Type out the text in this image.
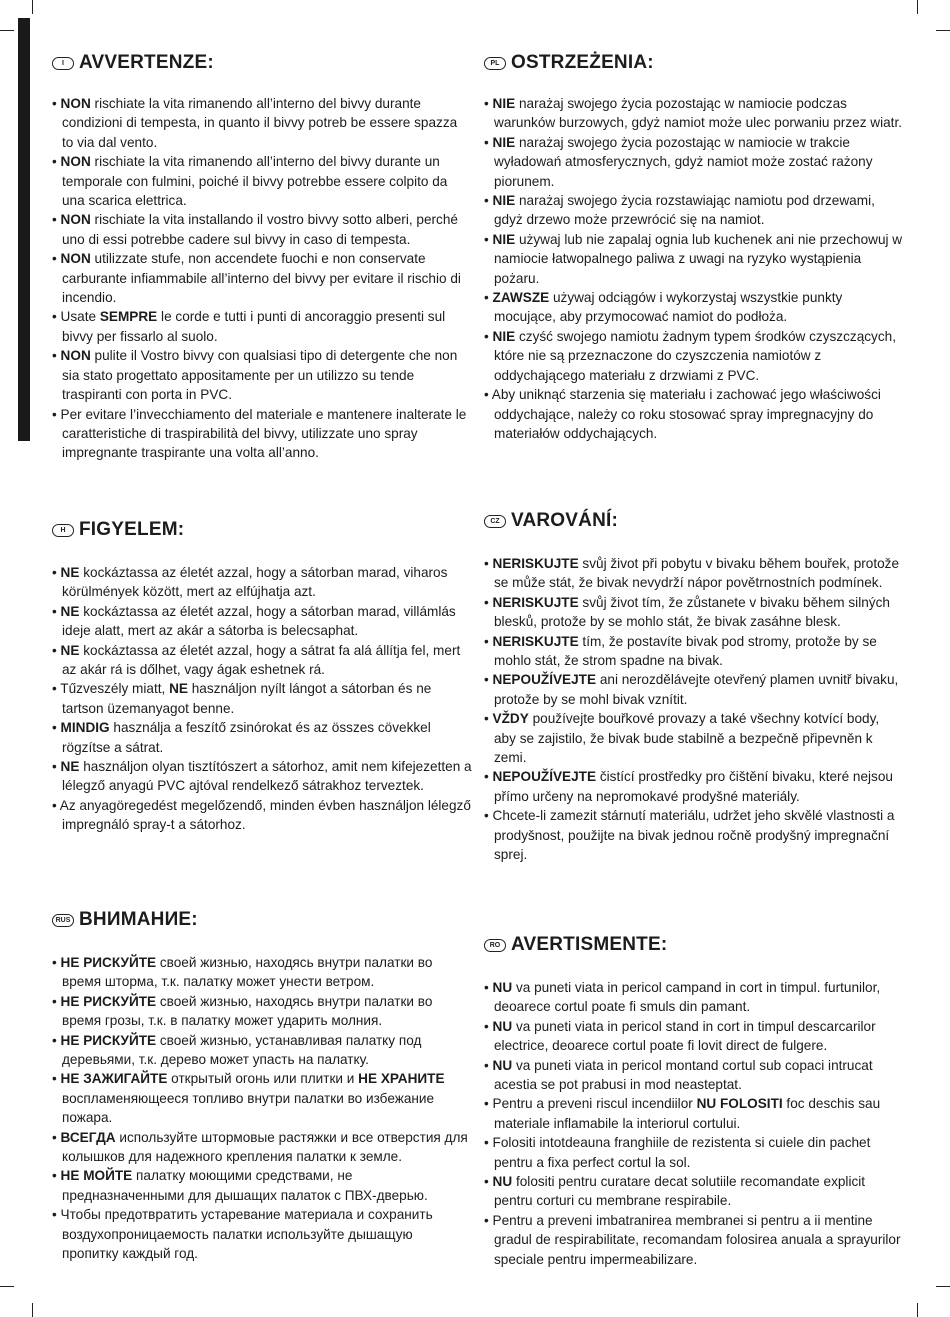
I AVVERTENZE:
• NON rischiate la vita rimanendo all’interno del bivvy durante condizioni di tempesta, in quanto il bivvy potreb be essere spazza to via dal vento.
• NON rischiate la vita rimanendo all’interno del bivvy durante un temporale con fulmini, poiché il bivvy potrebbe essere colpito da una scarica elettrica.
• NON rischiate la vita installando il vostro bivvy sotto alberi, perché uno di essi potrebbe cadere sul bivvy in caso di tempesta.
• NON utilizzate stufe, non accendete fuochi e non conservate carburante infiammabile all’interno del bivvy per evitare il rischio di incendio.
• Usate SEMPRE le corde e tutti i punti di ancoraggio presenti sul bivvy per fissarlo al suolo.
• NON pulite il Vostro bivvy con qualsiasi tipo di detergente che non sia stato progettato appositamente per un utilizzo su tende traspiranti con porta in PVC.
• Per evitare l’invecchiamento del materiale e mantenere inalterate le caratteristiche di traspirabilità del bivvy, utilizzate uno spray impregnante traspirante una volta all’anno.
PL OSTRZEŻENIA:
• NIE narażaj swojego życia pozostając w namiocie podczas warunków burzowych, gdyż namiot może ulec porwaniu przez wiatr.
• NIE narażaj swojego życia pozostając w namiocie w trakcie wyładowań atmosferycznych, gdyż namiot może zostać rażony piorunem.
• NIE narażaj swojego życia rozstawiając namiotu pod drzewami, gdyż drzewo może przewrócić się na namiot.
• NIE używaj lub nie zapalaj ognia lub kuchenek ani nie przechowuj w namiocie łatwopalnego paliwa z uwagi na ryzyko wystąpienia pożaru.
• ZAWSZE używaj odciągów i wykorzystaj wszystkie punkty mocujące, aby przymocować namiot do podłoża.
• NIE czyść swojego namiotu żadnym typem środków czyszczących, które nie są przeznaczone do czyszczenia namiotów z oddychającego materiału z drzwiami z PVC.
• Aby uniknąć starzenia się materiału i zachować jego właściwości oddychające, należy co roku stosować spray impregnacyjny do materiałów oddychających.
H FIGYELEM:
• NE kockáztassa az életét azzal, hogy a sátorban marad, viharos körülmények között, mert az elfújhatja azt.
• NE kockáztassa az életét azzal, hogy a sátorban marad, villámlás ideje alatt, mert az akár a sátorba is belecsaphat.
• NE kockáztassa az életét azzal, hogy a sátrat fa alá állítja fel, mert az akár rá is dőlhet, vagy ágak eshetnek rá.
• Tűzveszély miatt, NE használjon nyílt lángot a sátorban és ne tartson üzemanyagot benne.
• MINDIG használja a feszítő zsinórokat és az összes cövekkel rögzítse a sátrat.
• NE használjon olyan tisztítószert a sátorhoz, amit nem kifejezetten a lélegző anyagú PVC ajtóval rendelkező sátrakhoz terveztek.
• Az anyagöregedést megelőzendő, minden évben használjon lélegző impregnáló spray-t a sátorhoz.
CZ VAROVÁNÍ:
• NERISKUJTE svůj život při pobytu v bivaku během bouřek, protože se může stát, že bivak nevydrží nápor povětrnostních podmínek.
• NERISKUJTE svůj život tím, že zůstanete v bivaku během silných blesků, protože by se mohlo stát, že bivak zasáhne blesk.
• NERISKUJTE tím, že postavíte bivak pod stromy, protože by se mohlo stát, že strom spadne na bivak.
• NEPOUŽÍVEJTE ani nerozdělávejte otevřený plamen uvnitř bivaku, protože by se mohl bivak vznítit.
• VŽDY používejte bouřkové provazy a také všechny kotvící body, aby se zajistilo, že bivak bude stabilně a bezpečně připevněn k zemi.
• NEPOUŽÍVEJTE čistící prostředky pro čištění bivaku, které nejsou přímo určeny na nepromokavé prodyšné materiály.
• Chcete-li zamezit stárnutí materiálu, udržet jeho skvělé vlastnosti a prodyšnost, použijte na bivak jednou ročně prodyšný impregnační sprej.
RUS ВНИМАНИЕ:
• НЕ РИСКУЙТЕ своей жизнью, находясь внутри палатки во время шторма, т.к. палатку может унести ветром.
• НЕ РИСКУЙТЕ своей жизнью, находясь внутри палатки во время грозы, т.к. в палатку может ударить молния.
• НЕ РИСКУЙТЕ своей жизнью, устанавливая палатку под деревьями, т.к. дерево может упасть на палатку.
• НЕ ЗАЖИГАЙТЕ открытый огонь или плитки и НЕ ХРАНИТЕ воспламеняющееся топливо внутри палатки во избежание пожара.
• ВСЕГДА используйте штормовые растяжки и все отверстия для колышков для надежного крепления палатки к земле.
• НЕ МОЙТЕ палатку моющими средствами, не предназначенными для дышащих палаток с ПВХ-дверью.
• Чтобы предотвратить устаревание материала и сохранить воздухопроницаемость палатки используйте дышащую пропитку каждый год.
RO AVERTISMENTE:
• NU va puneti viata in pericol campand in cort in timpul. furtunilor, deoarece cortul poate fi smuls din pamant.
• NU va puneti viata in pericol stand in cort in timpul descarcarilor electrice, deoarece cortul poate fi lovit direct de fulgere.
• NU va puneti viata in pericol montand cortul sub copaci intrucat acestia se pot prabusi in mod neasteptat.
• Pentru a preveni riscul incendiilor NU FOLOSITI foc deschis sau materiale inflamabile la interiorul cortului.
• Folositi intotdeauna franghiile de rezistenta si cuiele din pachet pentru a fixa perfect cortul la sol.
• NU folositi pentru curatare decat solutiile recomandate explicit pentru corturi cu membrane respirabile.
• Pentru a preveni imbatranirea membranei si pentru a ii mentine gradul de respirabilitate, recomandam folosirea anuala a sprayurilor speciale pentru impermeabilizare.
